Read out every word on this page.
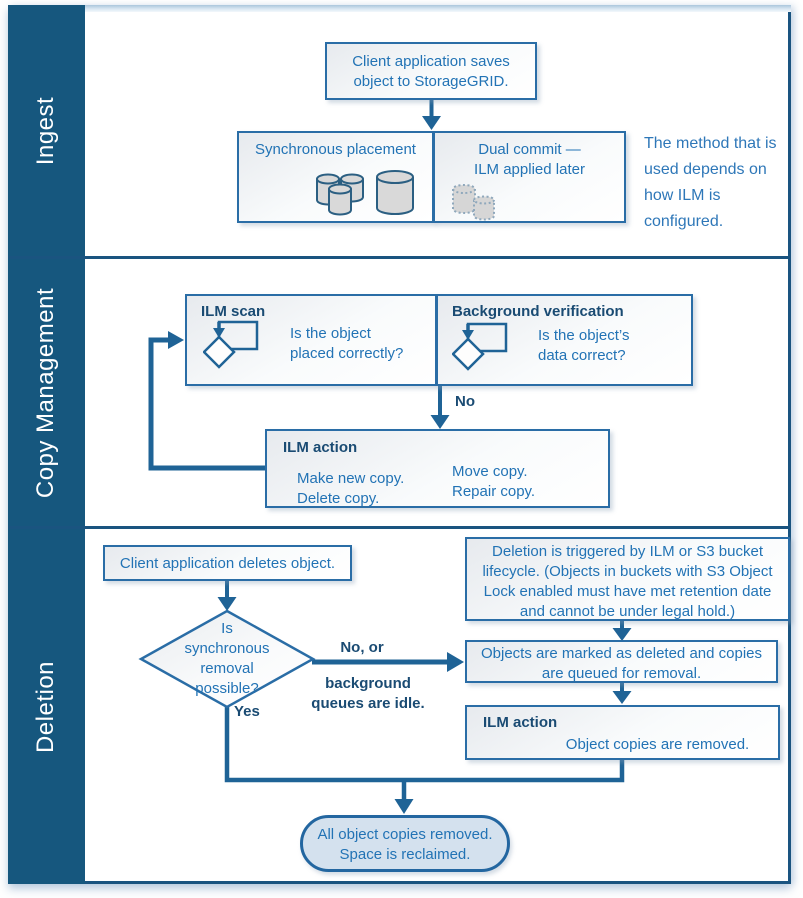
Ingest
Copy Management
Deletion
Client application saves
object to StorageGRID.
Synchronous placement	Dual commit —
ILM applied later
The method that is
used depends on
how ILM is
configured.
ILM scan
Is the object
placed correctly?
Background verification
Is the object’s
data correct?
No
ILM action
Make new copy.
Delete copy.
Move copy.
Repair copy.
Client application deletes object.
Is
synchronous
removal
possible?
No, or
background
queues are idle.
Yes
Deletion is triggered by ILM or S3 bucket
lifecycle. (Objects in buckets with S3 Object
Lock enabled must have met retention date
and cannot be under legal hold.)
Objects are marked as deleted and copies
are queued for removal.
ILM action
Object copies are removed.
All object copies removed.
Space is reclaimed.
